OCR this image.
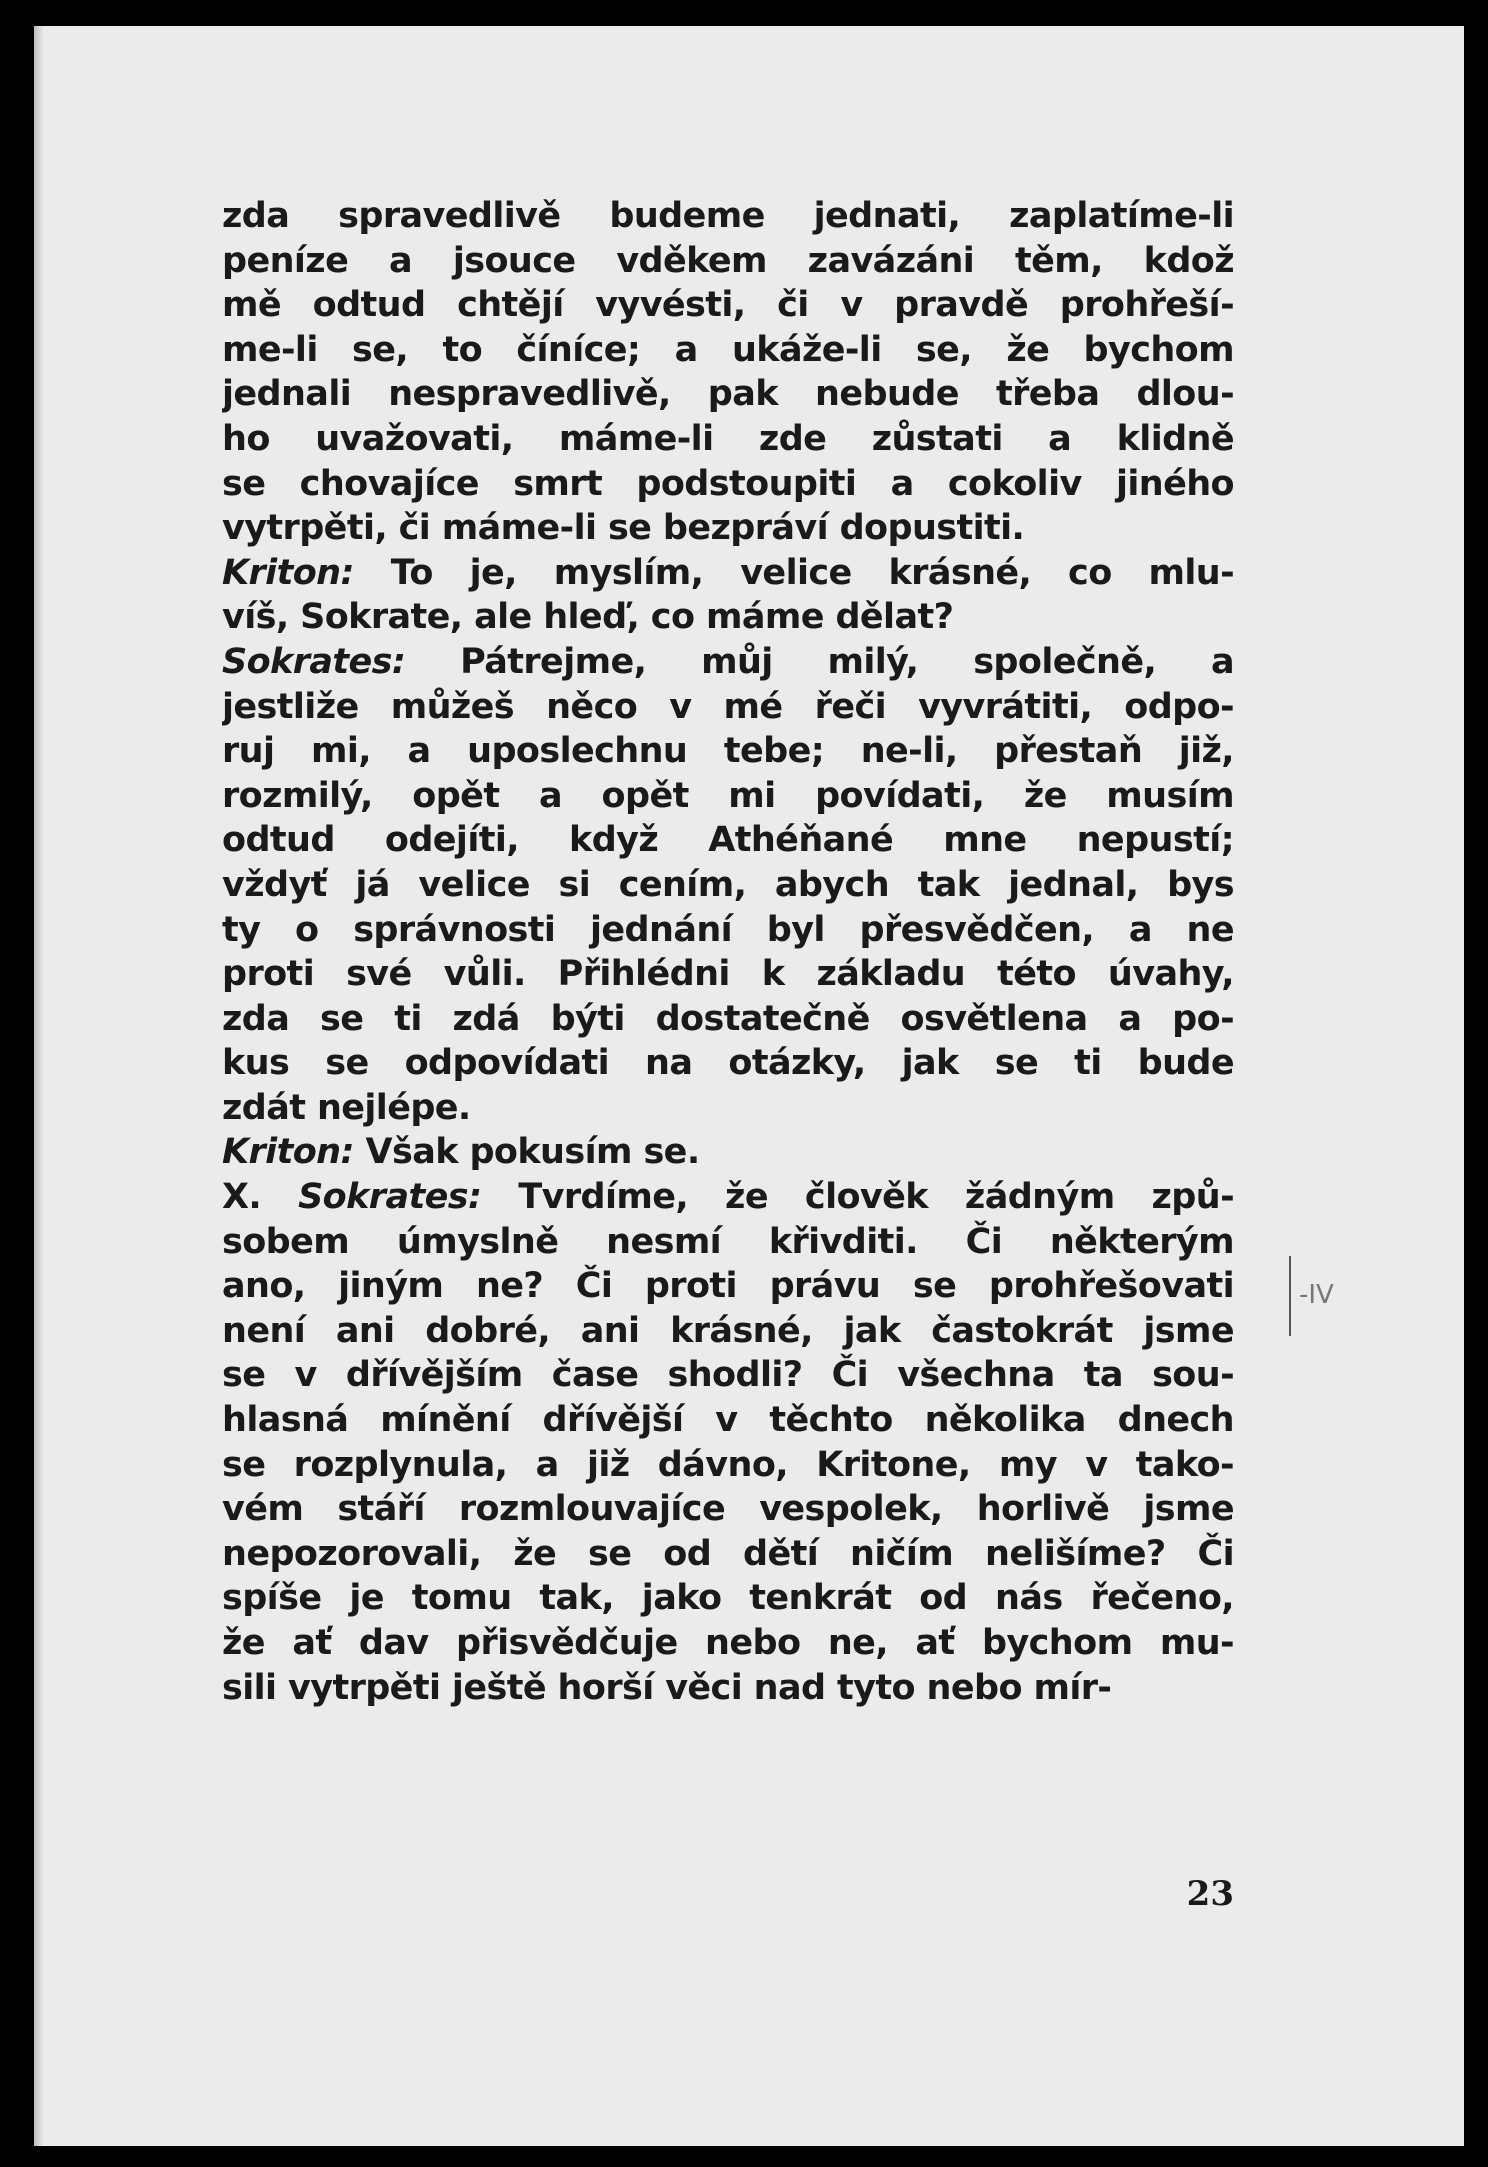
zda spravedlivě budeme jednati, zaplatíme-li
peníze a jsouce vděkem zavázáni těm, kdož
mě odtud chtějí vyvésti, či v pravdě prohřeší-
me-li se, to číníce; a ukáže-li se, že bychom
jednali nespravedlivě, pak nebude třeba dlou-
ho uvažovati, máme-li zde zůstati a klidně
se chovajíce smrt podstoupiti a cokoliv jiného
vytrpěti, či máme-li se bezpráví dopustiti.
Kriton: To je, myslím, velice krásné, co mlu-
víš, Sokrate, ale hleď, co máme dělat?
Sokrates: Pátrejme, můj milý, společně, a
jestliže můžeš něco v mé řeči vyvrátiti, odpo-
ruj mi, a uposlechnu tebe; ne-li, přestaň již,
rozmilý, opět a opět mi povídati, že musím
odtud odejíti, když Athéňané mne nepustí;
vždyť já velice si cením, abych tak jednal, bys
ty o správnosti jednání byl přesvědčen, a ne
proti své vůli. Přihlédni k základu této úvahy,
zda se ti zdá býti dostatečně osvětlena a po-
kus se odpovídati na otázky, jak se ti bude
zdát nejlépe.
Kriton: Však pokusím se.
X. Sokrates: Tvrdíme, že člověk žádným způ-
sobem úmyslně nesmí křivditi. Či některým
ano, jiným ne? Či proti právu se prohřešovati
není ani dobré, ani krásné, jak častokrát jsme
se v dřívějším čase shodli? Či všechna ta sou-
hlasná mínění dřívější v těchto několika dnech
se rozplynula, a již dávno, Kritone, my v tako-
vém stáří rozmlouvajíce vespolek, horlivě jsme
nepozorovali, že se od dětí ničím nelišíme? Či
spíše je tomu tak, jako tenkrát od nás řečeno,
že ať dav přisvědčuje nebo ne, ať bychom mu-
sili vytrpěti ještě horší věci nad tyto nebo mír-
-IV
23
